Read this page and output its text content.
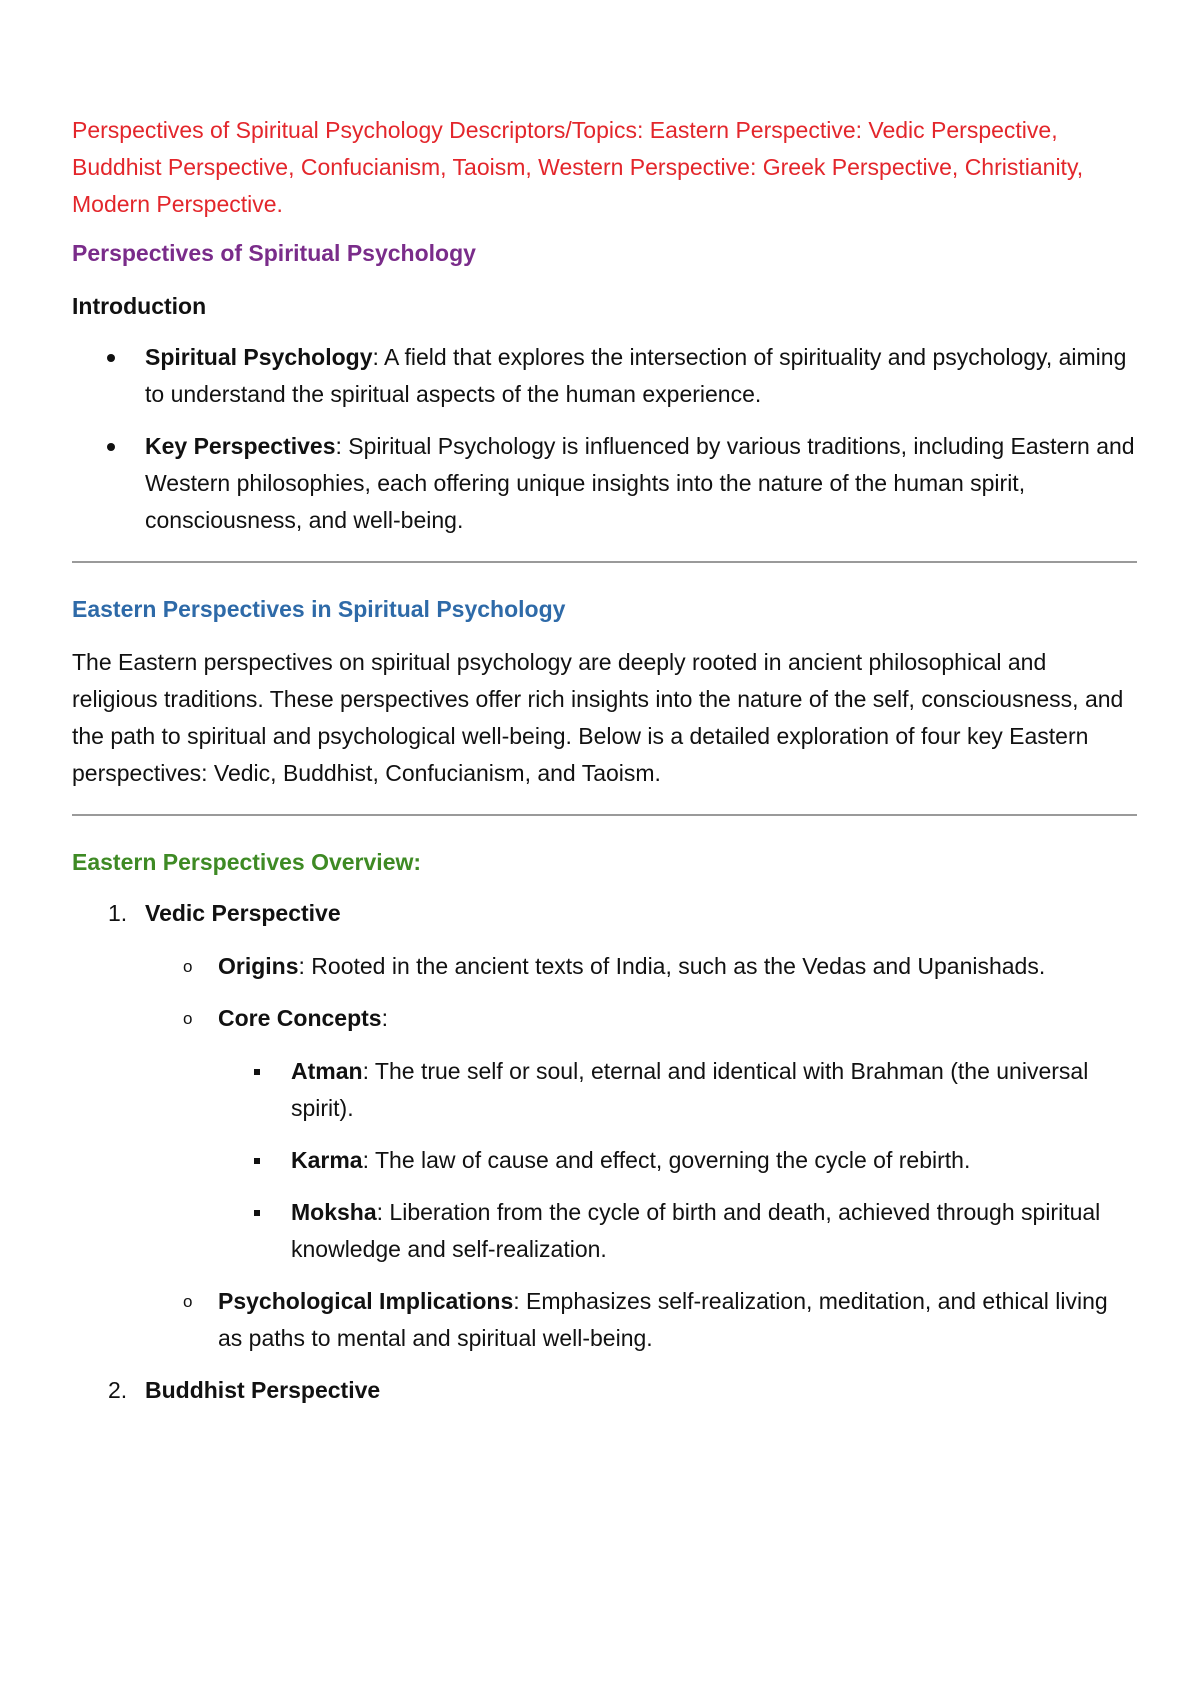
Perspectives of Spiritual Psychology Descriptors/Topics: Eastern Perspective: Vedic Perspective, Buddhist Perspective, Confucianism, Taoism, Western Perspective: Greek Perspective, Christianity, Modern Perspective.

Perspectives of Spiritual Psychology

Introduction

Spiritual Psychology: A field that explores the intersection of spirituality and psychology, aiming to understand the spiritual aspects of the human experience.
Key Perspectives: Spiritual Psychology is influenced by various traditions, including Eastern and Western philosophies, each offering unique insights into the nature of the human spirit, consciousness, and well-being.

Eastern Perspectives in Spiritual Psychology

The Eastern perspectives on spiritual psychology are deeply rooted in ancient philosophical and religious traditions. These perspectives offer rich insights into the nature of the self, consciousness, and the path to spiritual and psychological well-being. Below is a detailed exploration of four key Eastern perspectives: Vedic, Buddhist, Confucianism, and Taoism.

Eastern Perspectives Overview:

1. Vedic Perspective
o Origins: Rooted in the ancient texts of India, such as the Vedas and Upanishads.
o Core Concepts:
Atman: The true self or soul, eternal and identical with Brahman (the universal spirit).
Karma: The law of cause and effect, governing the cycle of rebirth.
Moksha: Liberation from the cycle of birth and death, achieved through spiritual knowledge and self-realization.
o Psychological Implications: Emphasizes self-realization, meditation, and ethical living as paths to mental and spiritual well-being.
2. Buddhist Perspective
